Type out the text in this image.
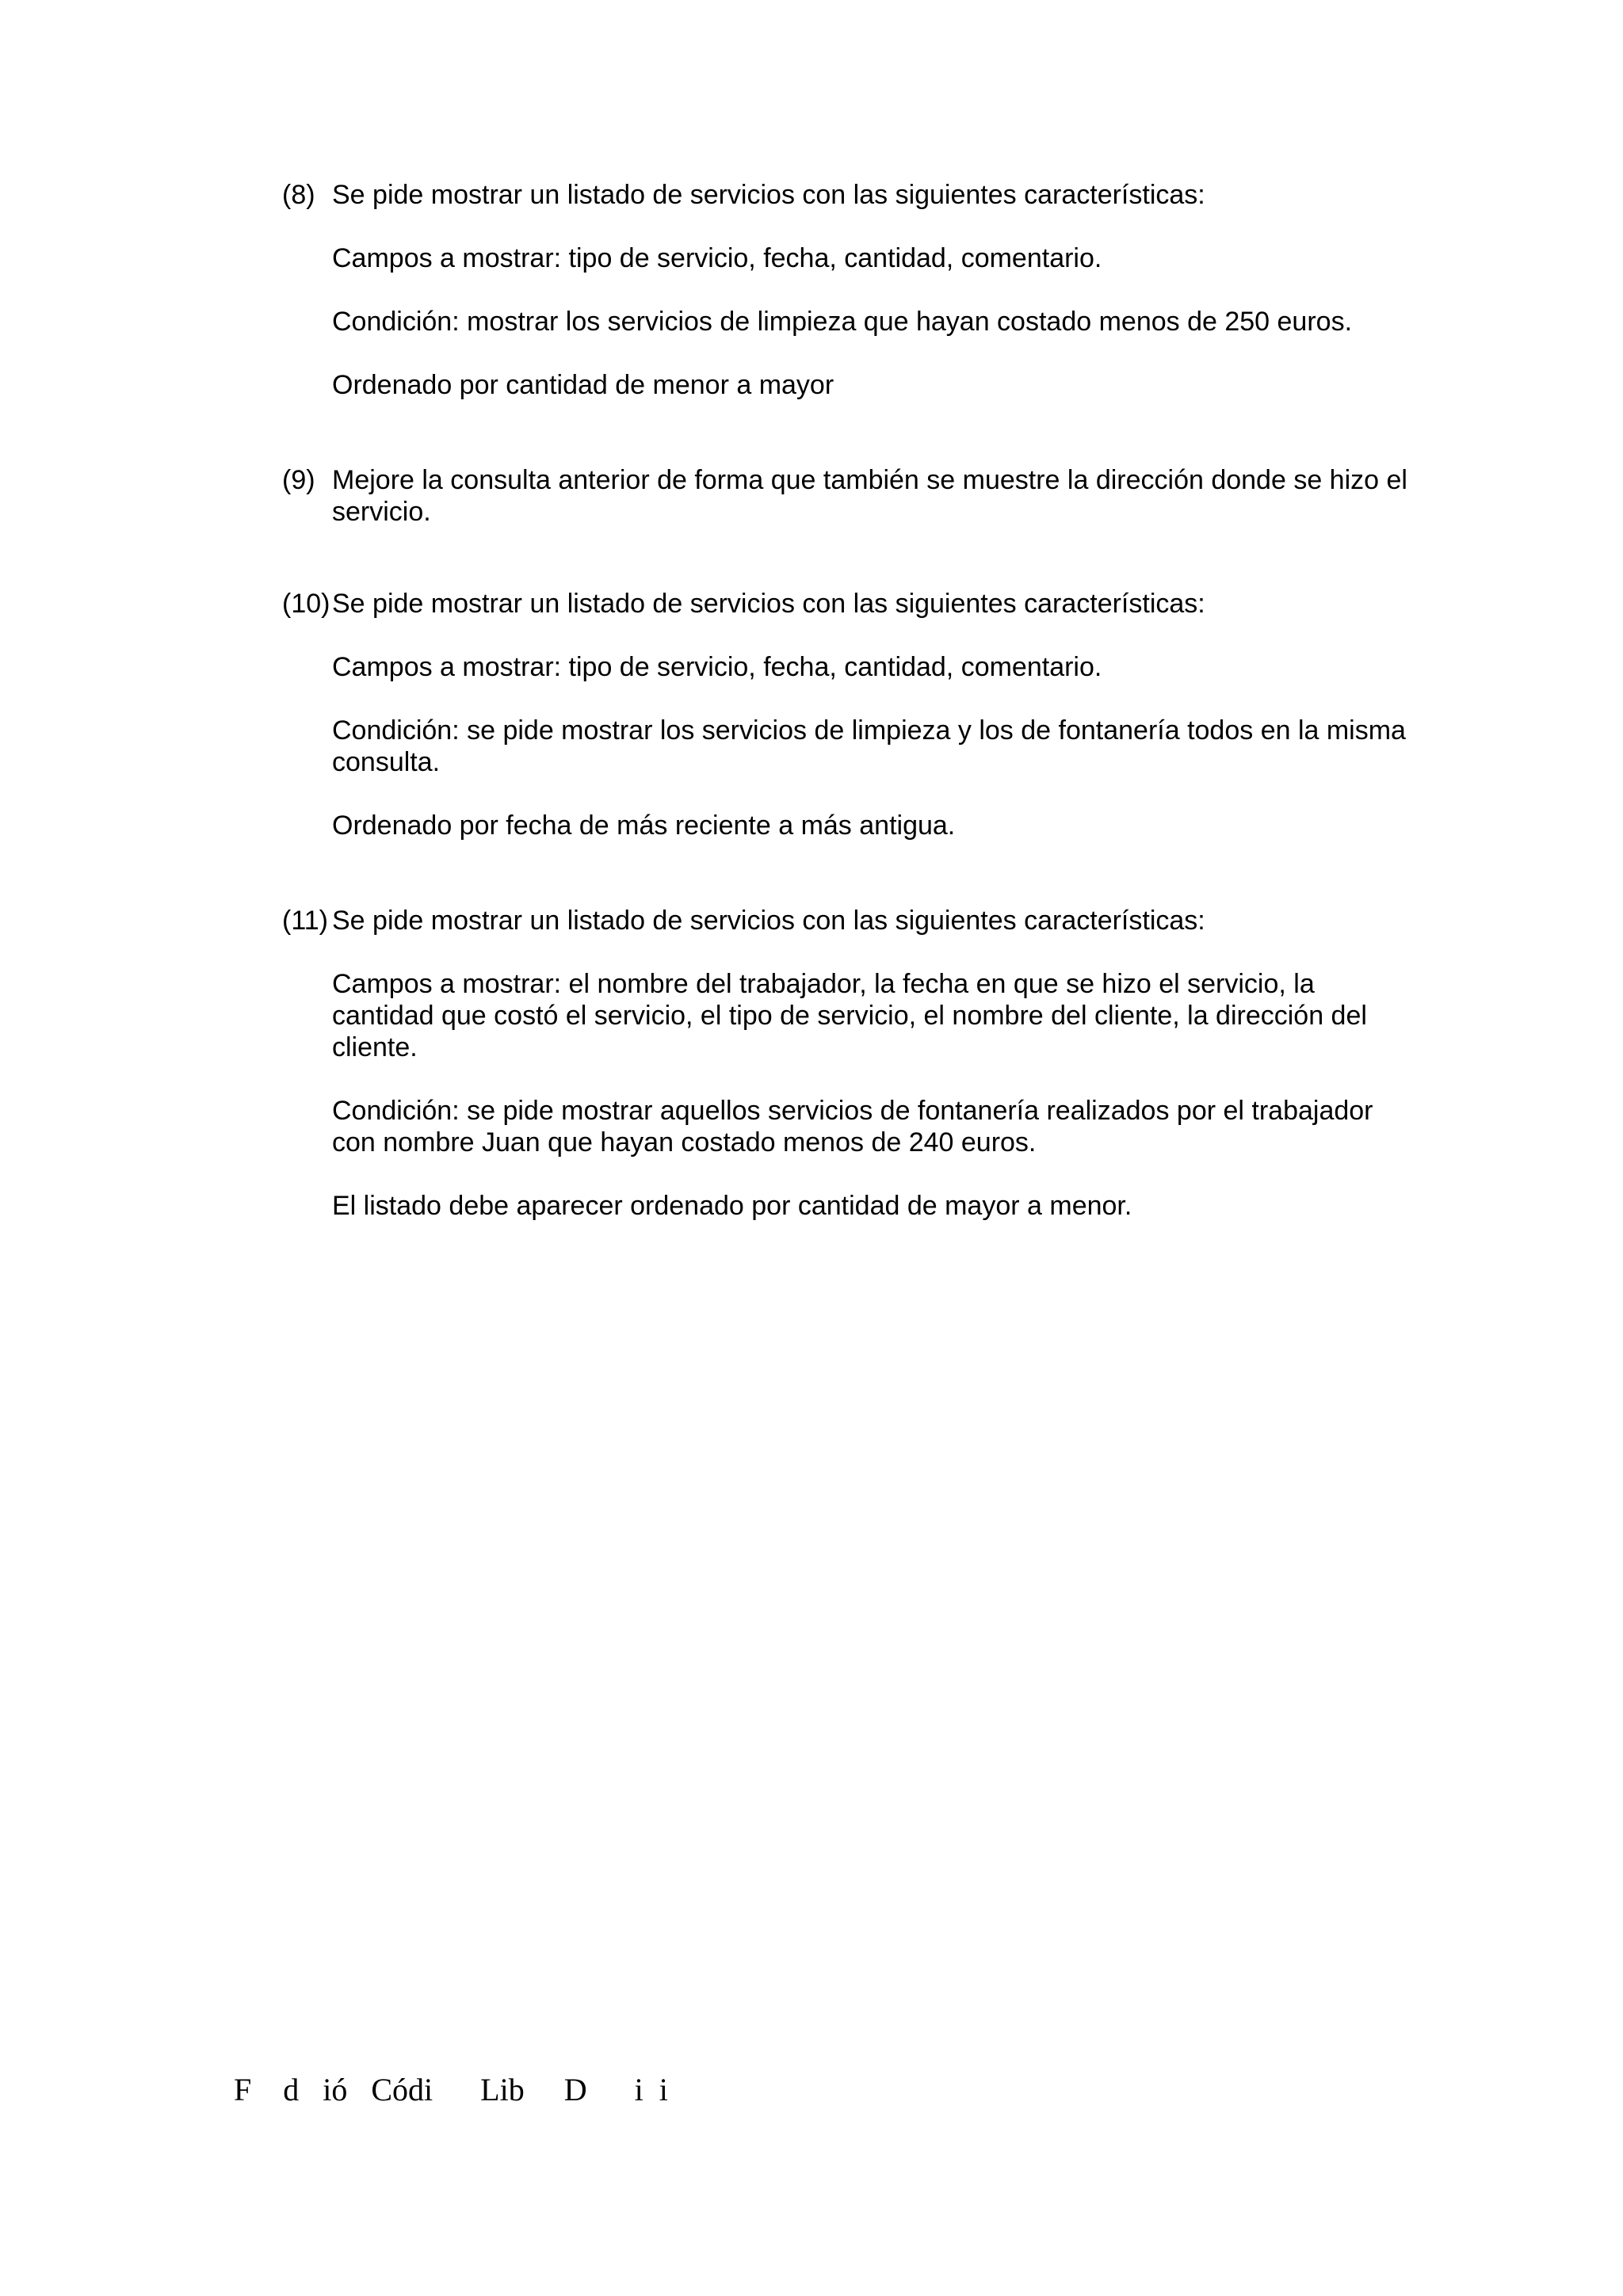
(8) Se pide mostrar un listado de servicios con las siguientes características:

Campos a mostrar: tipo de servicio, fecha, cantidad, comentario.

Condición: mostrar los servicios de limpieza que hayan costado menos de 250 euros.

Ordenado por cantidad de menor a mayor

(9) Mejore la consulta anterior de forma que también se muestre la dirección donde se hizo el servicio.

(10) Se pide mostrar un listado de servicios con las siguientes características:

Campos a mostrar: tipo de servicio, fecha, cantidad, comentario.

Condición: se pide mostrar los servicios de limpieza y los de fontanería todos en la misma consulta.

Ordenado por fecha de más reciente a más antigua.

(11) Se pide mostrar un listado de servicios con las siguientes características:

Campos a mostrar: el nombre del trabajador, la fecha en que se hizo el servicio, la cantidad que costó el servicio, el tipo de servicio, el nombre del cliente, la dirección del cliente.

Condición: se pide mostrar aquellos servicios de fontanería realizados por el trabajador con nombre Juan que hayan costado menos de 240 euros.

El listado debe aparecer ordenado por cantidad de mayor a menor.

F    d   ió   Códi      Lib     D      i  i
